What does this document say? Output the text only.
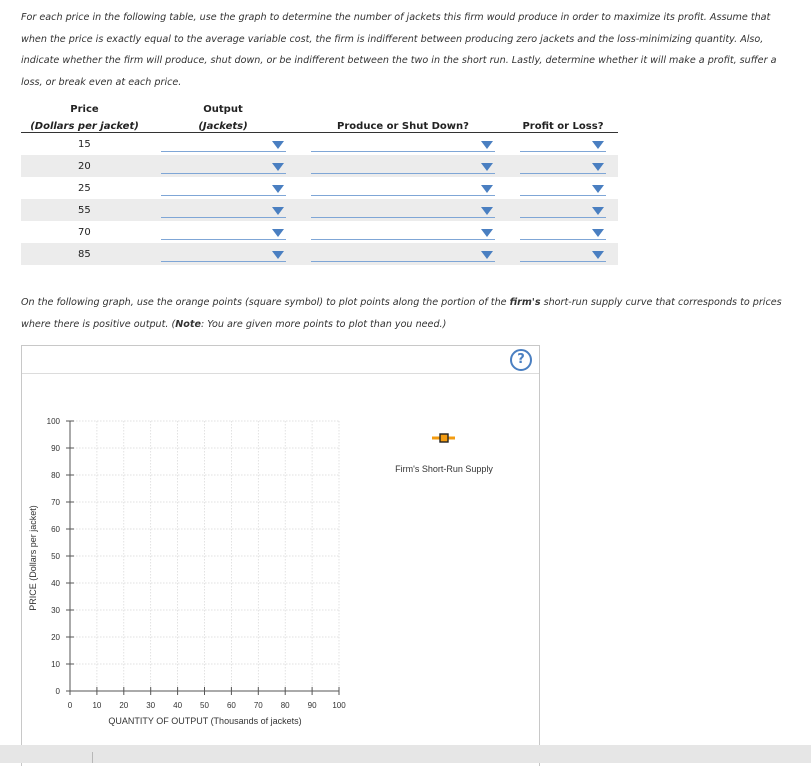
For each price in the following table, use the graph to determine the number of jackets this firm would produce in order to maximize its profit. Assume that when the price is exactly equal to the average variable cost, the firm is indifferent between producing zero jackets and the loss-minimizing quantity. Also, indicate whether the firm will produce, shut down, or be indifferent between the two in the short run. Lastly, determine whether it will make a profit, suffer a loss, or break even at each price.
Price	Output		
(Dollars per jacket)	(Jackets)	Produce or Shut Down?	Profit or Loss?
15	

20	

25	

55	

70	

85	

On the following graph, use the orange points (square symbol) to plot points along the portion of the firm's short-run supply curve that corresponds to prices where there is positive output. (Note: You are given more points to plot than you need.)
?
0	10 20 30 40 50 60 70 80 90 100
0
10
20
30
40
50
60
70
80
90
100
PRICE (Dollars per jacket)
QUANTITY OF OUTPUT (Thousands of jackets)
Firm's Short-Run Supply
